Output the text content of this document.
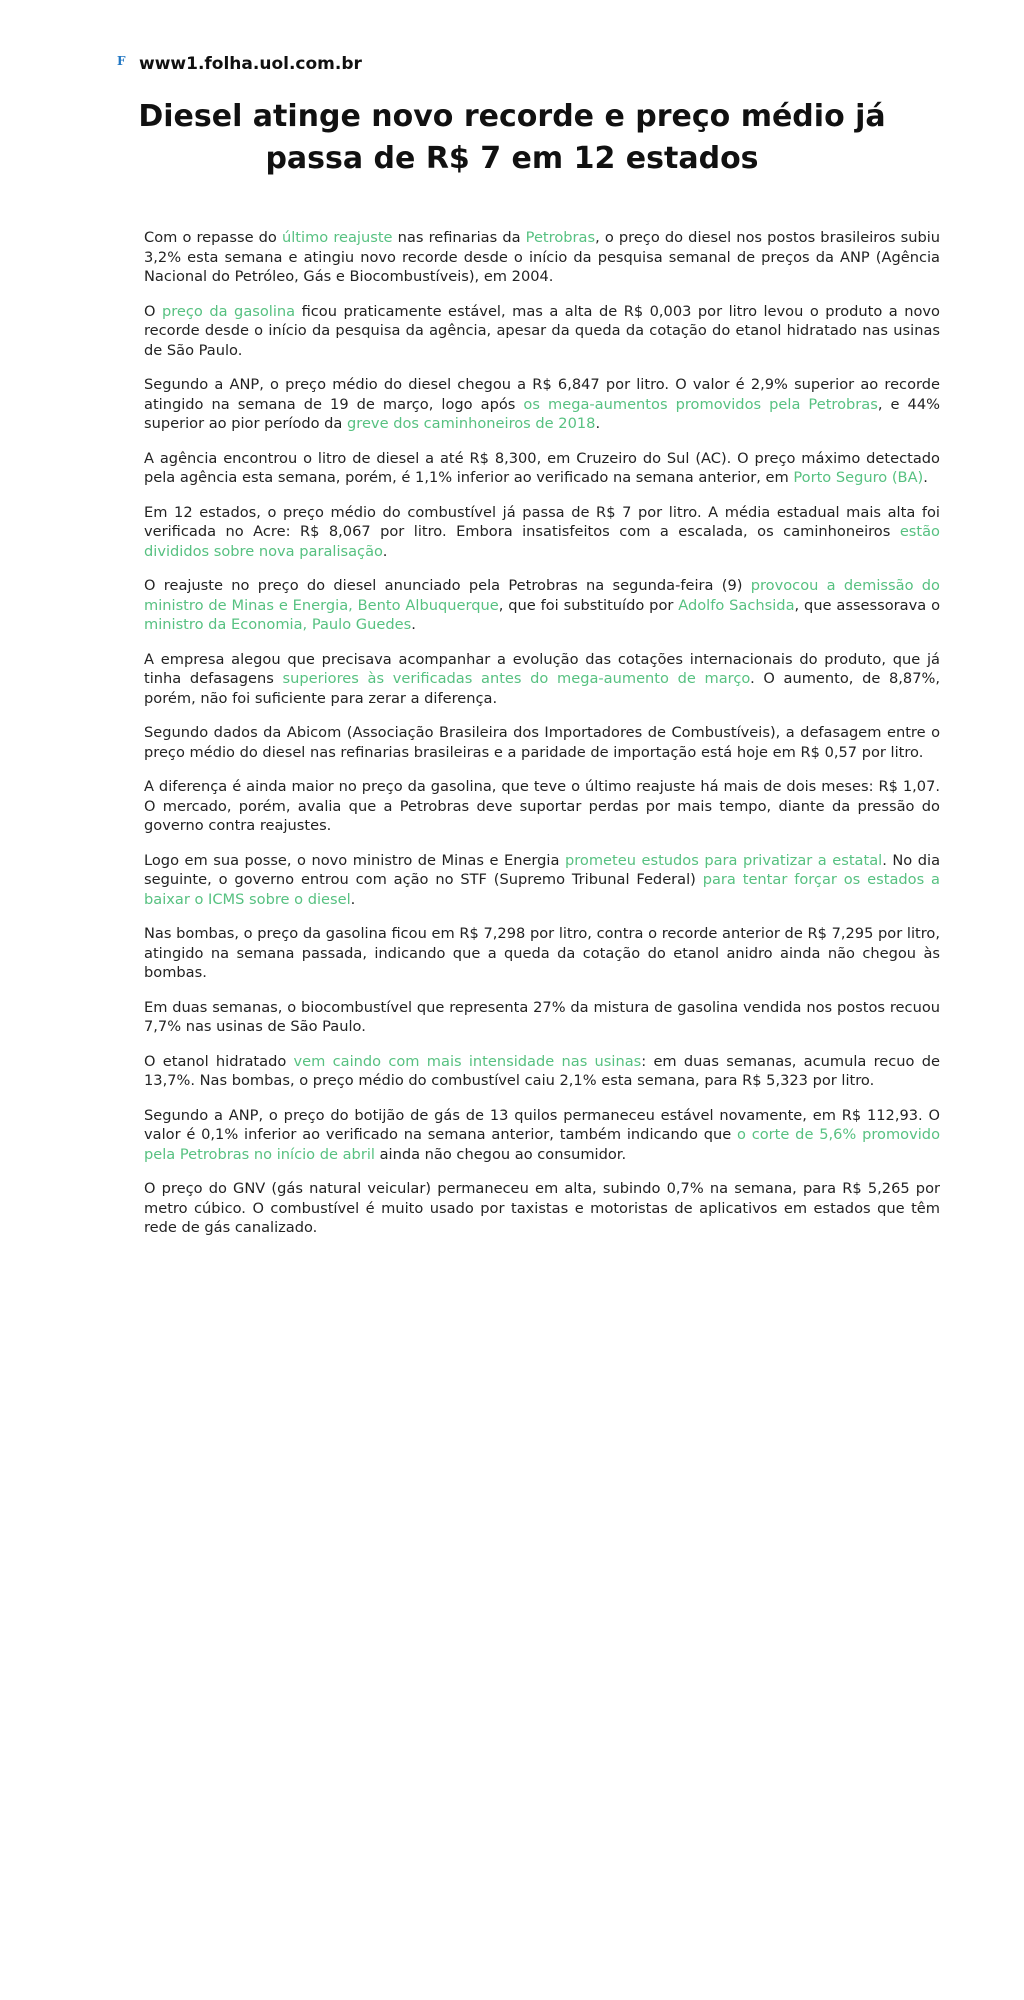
F www1.folha.uol.com.br
Diesel atinge novo recorde e preço médio já passa de R$ 7 em 12 estados

Com o repasse do último reajuste nas refinarias da Petrobras, o preço do diesel nos postos brasileiros subiu 3,2% esta semana e atingiu novo recorde desde o início da pesquisa semanal de preços da ANP (Agência Nacional do Petróleo, Gás e Biocombustíveis), em 2004.

O preço da gasolina ficou praticamente estável, mas a alta de R$ 0,003 por litro levou o produto a novo recorde desde o início da pesquisa da agência, apesar da queda da cotação do etanol hidratado nas usinas de São Paulo.

Segundo a ANP, o preço médio do diesel chegou a R$ 6,847 por litro. O valor é 2,9% superior ao recorde atingido na semana de 19 de março, logo após os mega-aumentos promovidos pela Petrobras, e 44% superior ao pior período da greve dos caminhoneiros de 2018.

A agência encontrou o litro de diesel a até R$ 8,300, em Cruzeiro do Sul (AC). O preço máximo detectado pela agência esta semana, porém, é 1,1% inferior ao verificado na semana anterior, em Porto Seguro (BA).

Em 12 estados, o preço médio do combustível já passa de R$ 7 por litro. A média estadual mais alta foi verificada no Acre: R$ 8,067 por litro. Embora insatisfeitos com a escalada, os caminhoneiros estão divididos sobre nova paralisação.

O reajuste no preço do diesel anunciado pela Petrobras na segunda-feira (9) provocou a demissão do ministro de Minas e Energia, Bento Albuquerque, que foi substituído por Adolfo Sachsida, que assessorava o ministro da Economia, Paulo Guedes.

A empresa alegou que precisava acompanhar a evolução das cotações internacionais do produto, que já tinha defasagens superiores às verificadas antes do mega-aumento de março. O aumento, de 8,87%, porém, não foi suficiente para zerar a diferença.

Segundo dados da Abicom (Associação Brasileira dos Importadores de Combustíveis), a defasagem entre o preço médio do diesel nas refinarias brasileiras e a paridade de importação está hoje em R$ 0,57 por litro.

A diferença é ainda maior no preço da gasolina, que teve o último reajuste há mais de dois meses: R$ 1,07. O mercado, porém, avalia que a Petrobras deve suportar perdas por mais tempo, diante da pressão do governo contra reajustes.

Logo em sua posse, o novo ministro de Minas e Energia prometeu estudos para privatizar a estatal. No dia seguinte, o governo entrou com ação no STF (Supremo Tribunal Federal) para tentar forçar os estados a baixar o ICMS sobre o diesel.

Nas bombas, o preço da gasolina ficou em R$ 7,298 por litro, contra o recorde anterior de R$ 7,295 por litro, atingido na semana passada, indicando que a queda da cotação do etanol anidro ainda não chegou às bombas.

Em duas semanas, o biocombustível que representa 27% da mistura de gasolina vendida nos postos recuou 7,7% nas usinas de São Paulo.

O etanol hidratado vem caindo com mais intensidade nas usinas: em duas semanas, acumula recuo de 13,7%. Nas bombas, o preço médio do combustível caiu 2,1% esta semana, para R$ 5,323 por litro.

Segundo a ANP, o preço do botijão de gás de 13 quilos permaneceu estável novamente, em R$ 112,93. O valor é 0,1% inferior ao verificado na semana anterior, também indicando que o corte de 5,6% promovido pela Petrobras no início de abril ainda não chegou ao consumidor.

O preço do GNV (gás natural veicular) permaneceu em alta, subindo 0,7% na semana, para R$ 5,265 por metro cúbico. O combustível é muito usado por taxistas e motoristas de aplicativos em estados que têm rede de gás canalizado.
